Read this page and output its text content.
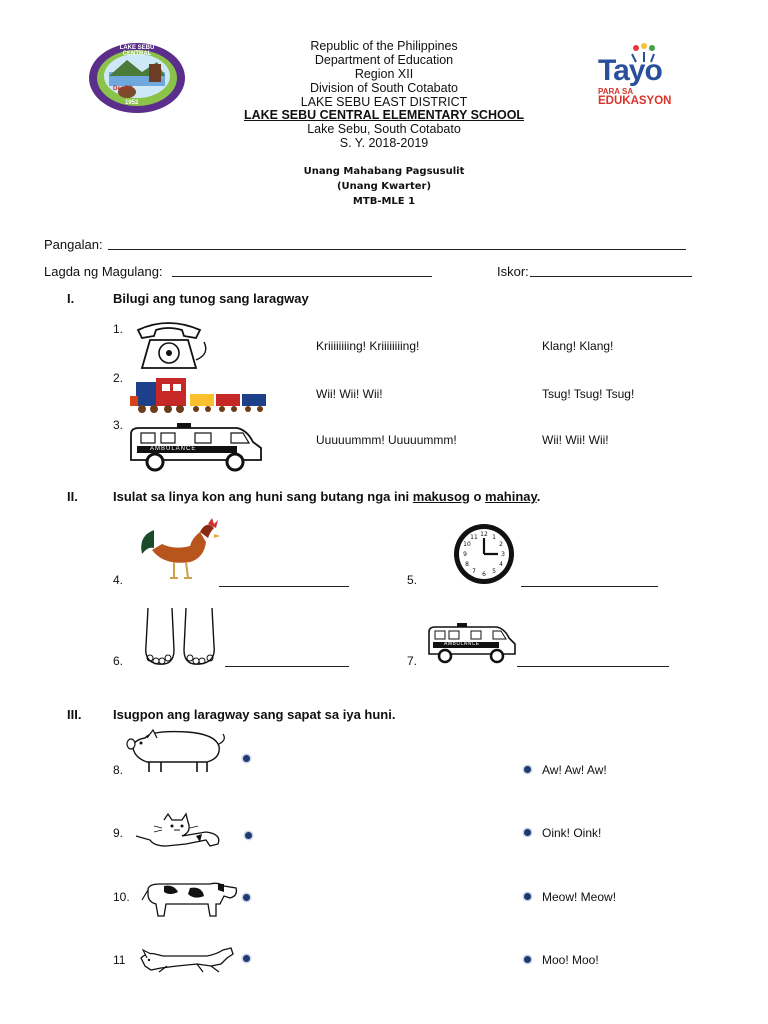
LAKE SEBU CENTRAL
DepED
1952
Tayo
PARA SA
EDUKASYON
Republic of the Philippines
Department of Education
Region XII
Division of South Cotabato
LAKE SEBU EAST DISTRICT
LAKE SEBU CENTRAL ELEMENTARY SCHOOL
Lake Sebu, South Cotabato
S. Y. 2018-2019
Unang Mahabang Pagsusulit
(Unang Kwarter)
MTB-MLE 1
Pangalan:
Lagda ng Magulang:	Iskor:
I.	Bilugi ang tunog sang laragway
1.
Kriiiiiiiing! Kriiiiiiiing!	Klang! Klang!
2.
Wii! Wii! Wii!	Tsug! Tsug! Tsug!
3.
AMBULANCE
Uuuuummm! Uuuuummm!	Wii! Wii! Wii!
II.	Isulat sa linya kon ang huni sang butang nga ini makusog o mahinay.
4.
12 1
2
3
4
5
6
7
8
9
10
11
5.
6.
AMBULANCE
7.
III. Isugpon ang laragway sang sapat sa iya huni.
8.	Aw! Aw! Aw!
9.	Oink! Oink!
10.	Meow! Meow!
11	Moo! Moo!
